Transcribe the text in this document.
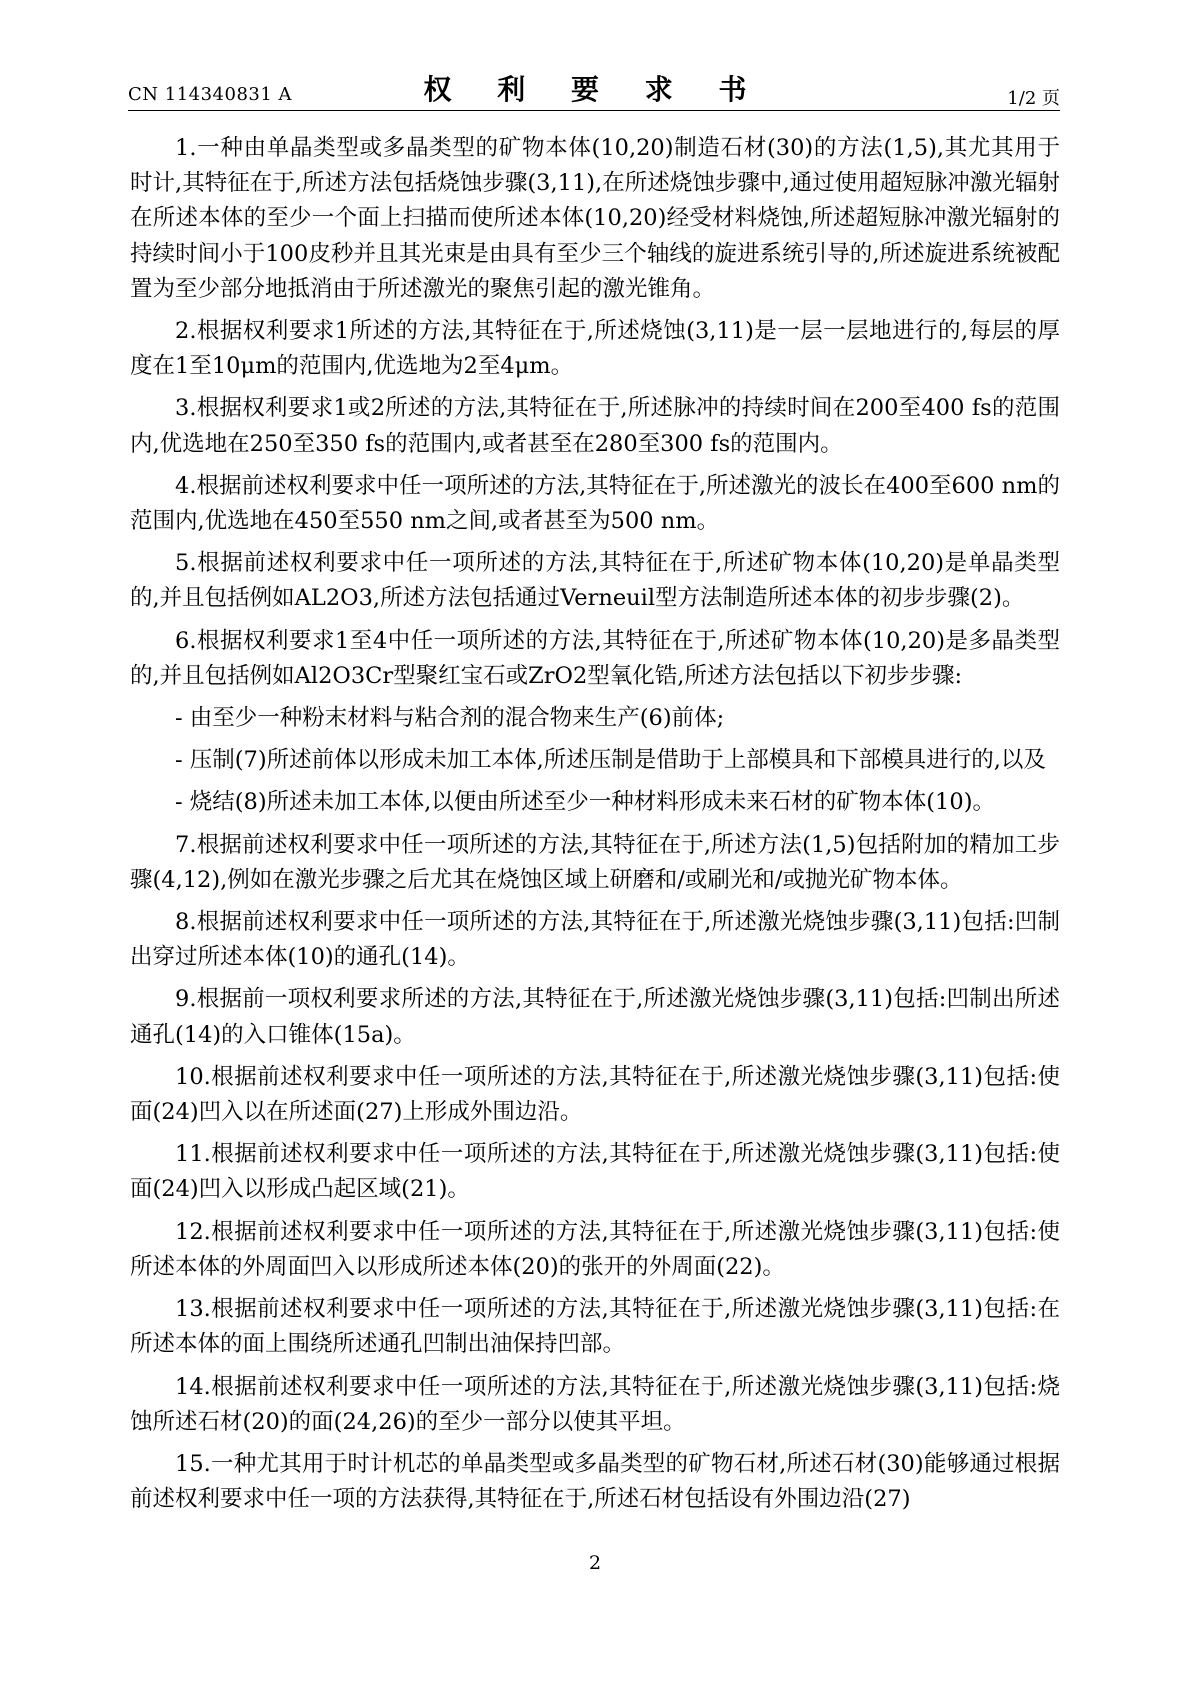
CN 114340831 A	权 利 要 求 书	1/2 页

1.一种由单晶类型或多晶类型的矿物本体(10,20)制造石材(30)的方法(1,5),其尤其用于时计,其特征在于,所述方法包括烧蚀步骤(3,11),在所述烧蚀步骤中,通过使用超短脉冲激光辐射在所述本体的至少一个面上扫描而使所述本体(10,20)经受材料烧蚀,所述超短脉冲激光辐射的持续时间小于100皮秒并且其光束是由具有至少三个轴线的旋进系统引导的,所述旋进系统被配置为至少部分地抵消由于所述激光的聚焦引起的激光锥角。

2.根据权利要求1所述的方法,其特征在于,所述烧蚀(3,11)是一层一层地进行的,每层的厚度在1至10μm的范围内,优选地为2至4μm。

3.根据权利要求1或2所述的方法,其特征在于,所述脉冲的持续时间在200至400 fs的范围内,优选地在250至350 fs的范围内,或者甚至在280至300 fs的范围内。

4.根据前述权利要求中任一项所述的方法,其特征在于,所述激光的波长在400至600 nm的范围内,优选地在450至550 nm之间,或者甚至为500 nm。

5.根据前述权利要求中任一项所述的方法,其特征在于,所述矿物本体(10,20)是单晶类型的,并且包括例如AL2O3,所述方法包括通过Verneuil型方法制造所述本体的初步步骤(2)。

6.根据权利要求1至4中任一项所述的方法,其特征在于,所述矿物本体(10,20)是多晶类型的,并且包括例如Al2O3Cr型聚红宝石或ZrO2型氧化锆,所述方法包括以下初步步骤:

- 由至少一种粉末材料与粘合剂的混合物来生产(6)前体;

- 压制(7)所述前体以形成未加工本体,所述压制是借助于上部模具和下部模具进行的,以及

- 烧结(8)所述未加工本体,以便由所述至少一种材料形成未来石材的矿物本体(10)。

7.根据前述权利要求中任一项所述的方法,其特征在于,所述方法(1,5)包括附加的精加工步骤(4,12),例如在激光步骤之后尤其在烧蚀区域上研磨和/或刷光和/或抛光矿物本体。

8.根据前述权利要求中任一项所述的方法,其特征在于,所述激光烧蚀步骤(3,11)包括:凹制出穿过所述本体(10)的通孔(14)。

9.根据前一项权利要求所述的方法,其特征在于,所述激光烧蚀步骤(3,11)包括:凹制出所述通孔(14)的入口锥体(15a)。

10.根据前述权利要求中任一项所述的方法,其特征在于,所述激光烧蚀步骤(3,11)包括:使面(24)凹入以在所述面(27)上形成外围边沿。

11.根据前述权利要求中任一项所述的方法,其特征在于,所述激光烧蚀步骤(3,11)包括:使面(24)凹入以形成凸起区域(21)。

12.根据前述权利要求中任一项所述的方法,其特征在于,所述激光烧蚀步骤(3,11)包括:使所述本体的外周面凹入以形成所述本体(20)的张开的外周面(22)。

13.根据前述权利要求中任一项所述的方法,其特征在于,所述激光烧蚀步骤(3,11)包括:在所述本体的面上围绕所述通孔凹制出油保持凹部。

14.根据前述权利要求中任一项所述的方法,其特征在于,所述激光烧蚀步骤(3,11)包括:烧蚀所述石材(20)的面(24,26)的至少一部分以使其平坦。

15.一种尤其用于时计机芯的单晶类型或多晶类型的矿物石材,所述石材(30)能够通过根据前述权利要求中任一项的方法获得,其特征在于,所述石材包括设有外围边沿(27)

2
